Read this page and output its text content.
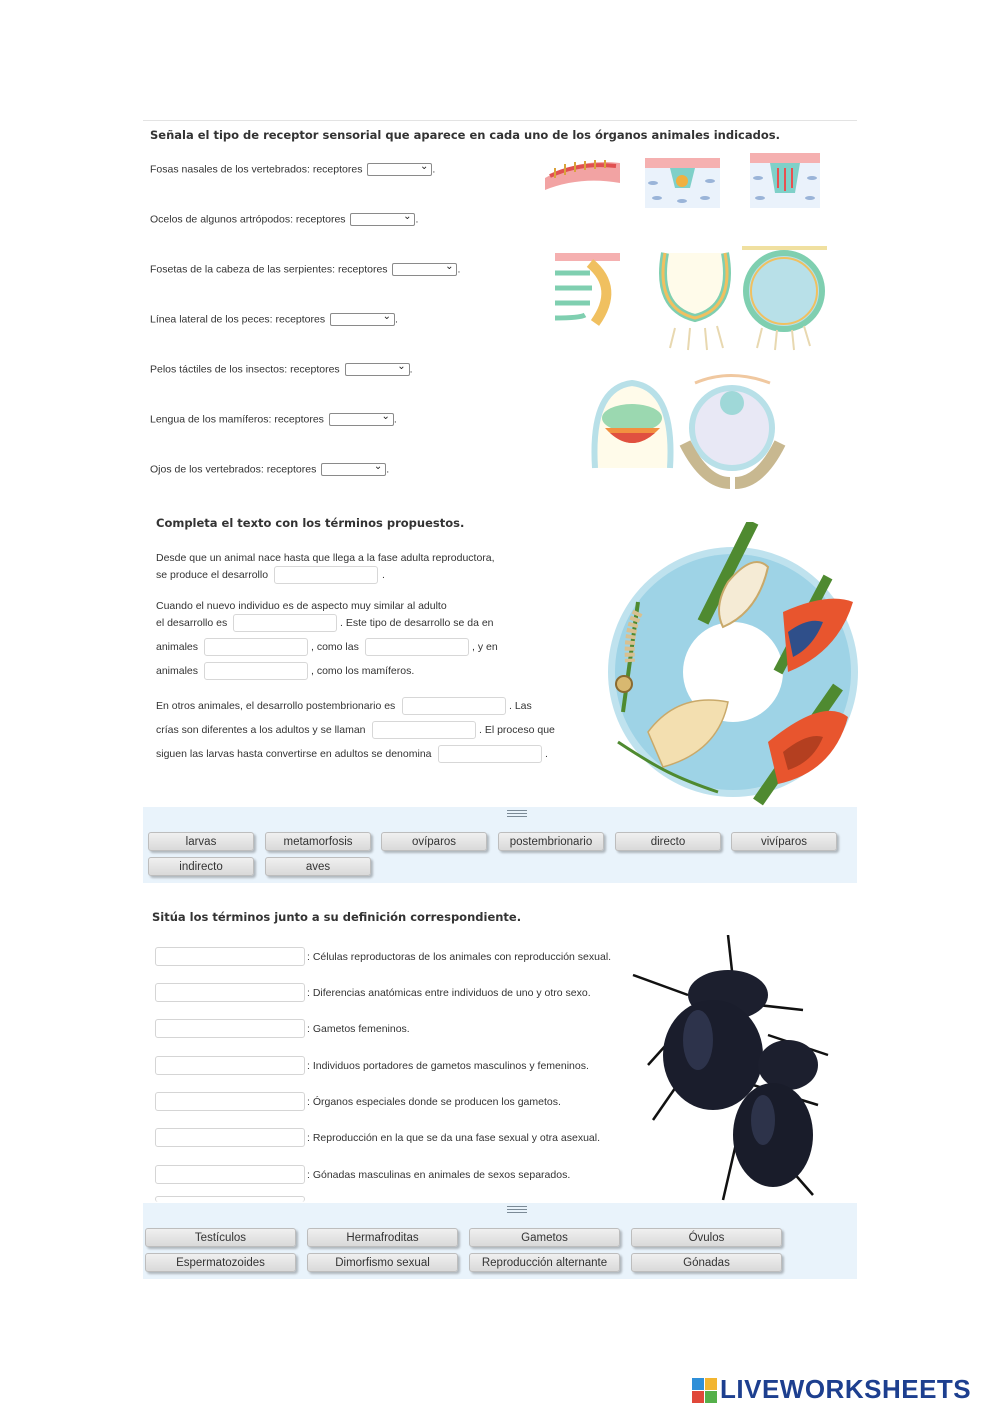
Señala el tipo de receptor sensorial que aparece en cada uno de los órganos animales indicados.
Fosas nasales de los vertebrados: receptores	⌄ .
Ocelos de algunos artrópodos: receptores	⌄ .
Fosetas de la cabeza de las serpientes: receptores	⌄ .
Línea lateral de los peces: receptores	⌄ .
Pelos táctiles de los insectos: receptores	⌄ .
Lengua de los mamíferos: receptores	⌄ .
Ojos de los vertebrados: receptores	⌄ .
Completa el texto con los términos propuestos.
Desde que un animal nace hasta que llega a la fase adulta reproductora,
se produce el desarrollo	.
Cuando el nuevo individuo es de aspecto muy similar al adulto
el desarrollo es	. Este tipo de desarrollo se da en
animales	, como las	, y en
animales	, como los mamíferos.
En otros animales, el desarrollo postembrionario es	. Las
crías son diferentes a los adultos y se llaman	. El proceso que
siguen las larvas hasta convertirse en adultos se denomina	.
larvas	metamorfosis	ovíparos	postembrionario	directo	vivíparos
indirecto	aves
Sitúa los términos junto a su definición correspondiente.
: Células reproductoras de los animales con reproducción sexual.
: Diferencias anatómicas entre individuos de uno y otro sexo.
: Gametos femeninos.
: Individuos portadores de gametos masculinos y femeninos.
: Órganos especiales donde se producen los gametos.
: Reproducción en la que se da una fase sexual y otra asexual.
: Gónadas masculinas en animales de sexos separados.
Testículos	Hermafroditas	Gametos	Óvulos
Espermatozoides	Dimorfismo sexual	Reproducción alternante	Gónadas
LIVEWORKSHEETS
